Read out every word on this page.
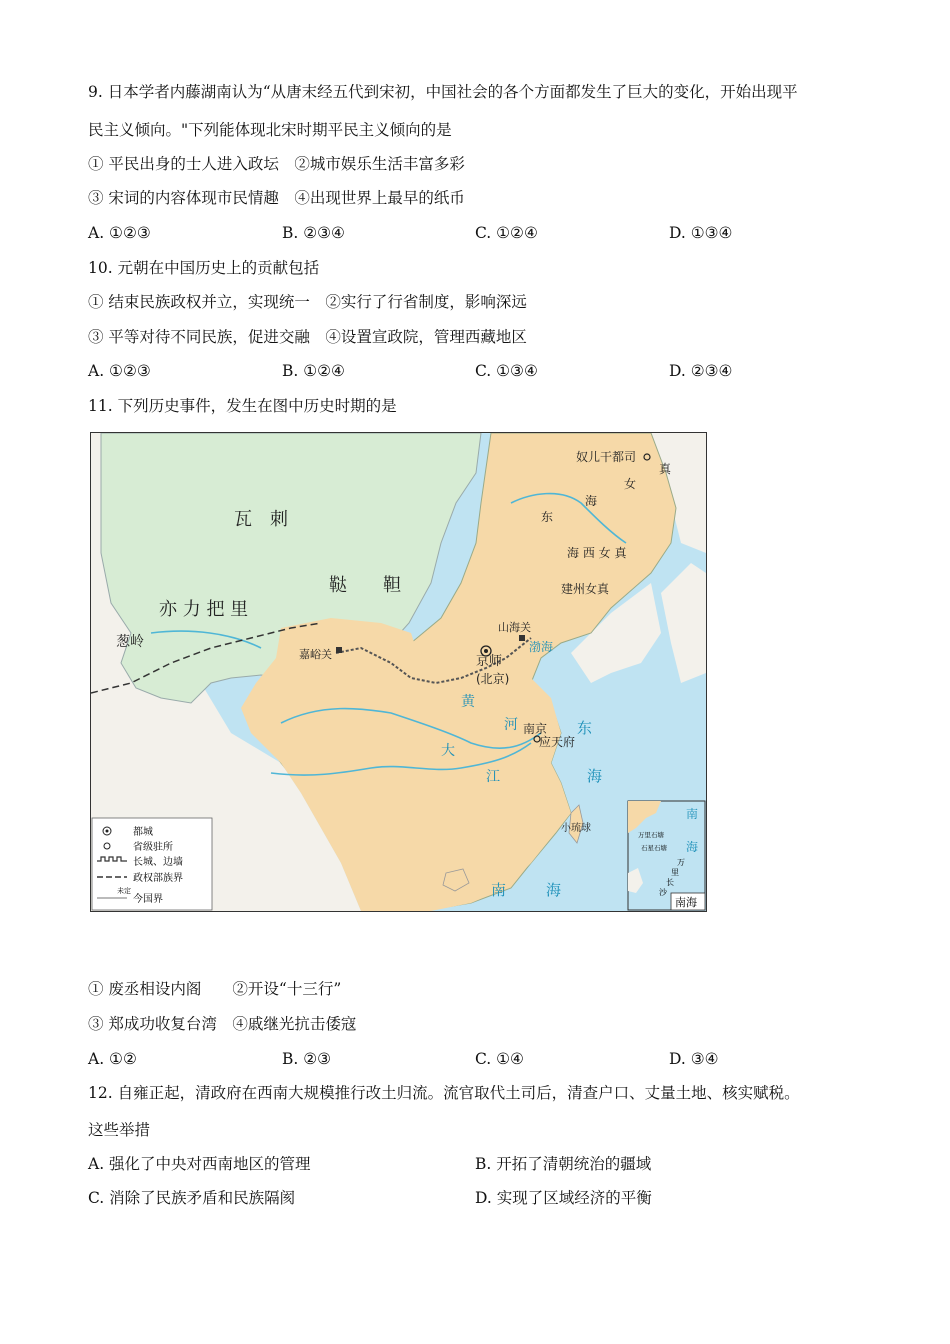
9. 日本学者内藤湖南认为“从唐末经五代到宋初，中国社会的各个方面都发生了巨大的变化，开始出现平
民主义倾向。"下列能体现北宋时期平民主义倾向的是
① 平民出身的士人进入政坛　②城市娱乐生活丰富多彩
③ 宋词的内容体现市民情趣　④出现世界上最早的纸币
A. ①②③	B. ②③④	C. ①②④	D. ①③④
10. 元朝在中国历史上的贡献包括
① 结束民族政权并立，实现统一　②实行了行省制度，影响深远
③ 平等对待不同民族，促进交融　④设置宣政院，管理西藏地区
A. ①②③	B. ①②④	C. ①③④	D. ②③④
11. 下列历史事件，发生在图中历史时期的是
瓦　刺
鞑　　靼
亦 力 把 里
葱岭
奴儿干都司
真
东
海
女
海 西 女 真
建州女真
山海关
嘉峪关	京师
(北京)
渤海
黄
河 南京
应天府
大
江
东
海
小琉球
南	海
都城
省级驻所
长城、边墙
政权部族界
未定
今国界
南
海
万里石塘
石星石塘
万
里
长
沙
南海
① 废丞相设内阁　　②开设“十三行”
③ 郑成功收复台湾　④戚继光抗击倭寇
A. ①②	B. ②③	C. ①④	D. ③④
12. 自雍正起，清政府在西南大规模推行改土归流。流官取代土司后，清查户口、丈量土地、核实赋税。
这些举措
A. 强化了中央对西南地区的管理	B. 开拓了清朝统治的疆域
C. 消除了民族矛盾和民族隔阂	D. 实现了区域经济的平衡
